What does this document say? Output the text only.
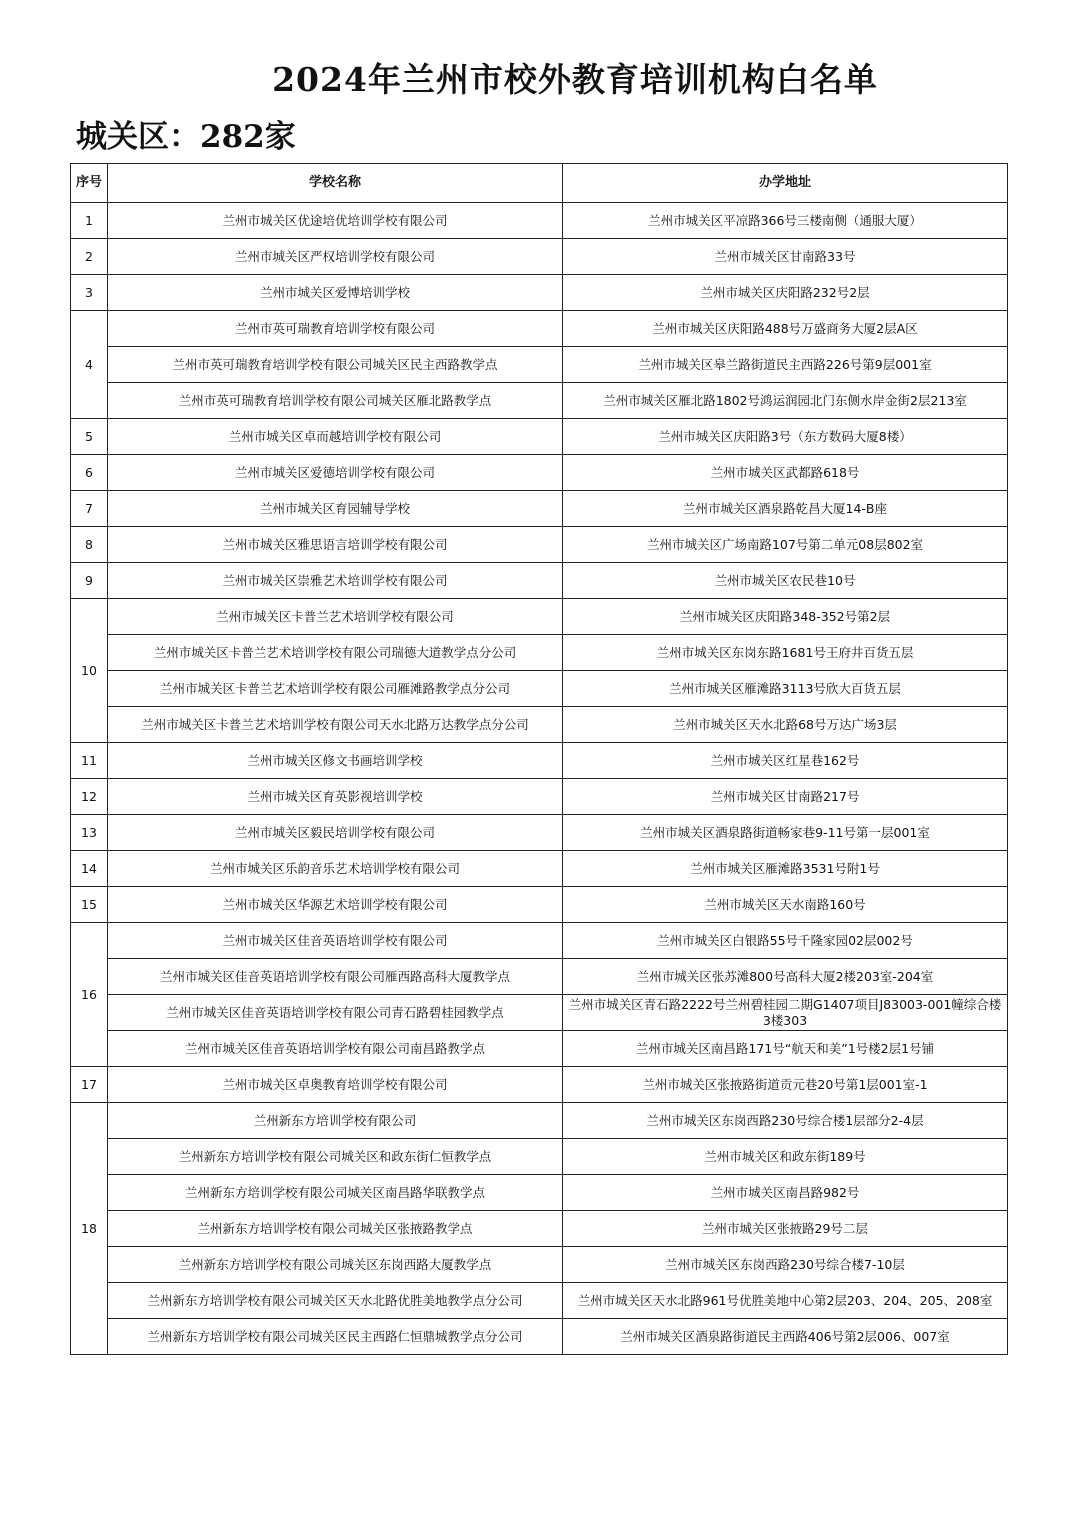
2024年兰州市校外教育培训机构白名单
城关区：282家
序号	学校名称	办学地址
1	兰州市城关区优途培优培训学校有限公司	兰州市城关区平凉路366号三楼南侧（通服大厦）
2	兰州市城关区严权培训学校有限公司	兰州市城关区甘南路33号
3	兰州市城关区爱博培训学校	兰州市城关区庆阳路232号2层
4	兰州市英可瑞教育培训学校有限公司	兰州市城关区庆阳路488号万盛商务大厦2层A区
	兰州市英可瑞教育培训学校有限公司城关区民主西路教学点	兰州市城关区皋兰路街道民主西路226号第9层001室
	兰州市英可瑞教育培训学校有限公司城关区雁北路教学点	兰州市城关区雁北路1802号鸿运润园北门东侧水岸金街2层213室
5	兰州市城关区卓而越培训学校有限公司	兰州市城关区庆阳路3号（东方数码大厦8楼）
6	兰州市城关区爱德培训学校有限公司	兰州市城关区武都路618号
7	兰州市城关区育园辅导学校	兰州市城关区酒泉路乾昌大厦14-B座
8	兰州市城关区雅思语言培训学校有限公司	兰州市城关区广场南路107号第二单元08层802室
9	兰州市城关区崇雅艺术培训学校有限公司	兰州市城关区农民巷10号
10	兰州市城关区卡普兰艺术培训学校有限公司	兰州市城关区庆阳路348-352号第2层
	兰州市城关区卡普兰艺术培训学校有限公司瑞德大道教学点分公司	兰州市城关区东岗东路1681号王府井百货五层
	兰州市城关区卡普兰艺术培训学校有限公司雁滩路教学点分公司	兰州市城关区雁滩路3113号欣大百货五层
	兰州市城关区卡普兰艺术培训学校有限公司天水北路万达教学点分公司	兰州市城关区天水北路68号万达广场3层
11	兰州市城关区修文书画培训学校	兰州市城关区红星巷162号
12	兰州市城关区育英影视培训学校	兰州市城关区甘南路217号
13	兰州市城关区毅民培训学校有限公司	兰州市城关区酒泉路街道畅家巷9-11号第一层001室
14	兰州市城关区乐韵音乐艺术培训学校有限公司	兰州市城关区雁滩路3531号附1号
15	兰州市城关区华源艺术培训学校有限公司	兰州市城关区天水南路160号
16	兰州市城关区佳音英语培训学校有限公司	兰州市城关区白银路55号千隆家园02层002号
	兰州市城关区佳音英语培训学校有限公司雁西路高科大厦教学点	兰州市城关区张苏滩800号高科大厦2楼203室-204室
	兰州市城关区佳音英语培训学校有限公司青石路碧桂园教学点	兰州市城关区青石路2222号兰州碧桂园二期G1407项目J83003-001幢综合楼3楼303
	兰州市城关区佳音英语培训学校有限公司南昌路教学点	兰州市城关区南昌路171号“航天和美”1号楼2层1号铺
17	兰州市城关区卓奥教育培训学校有限公司	兰州市城关区张掖路街道贡元巷20号第1层001室-1
18	兰州新东方培训学校有限公司	兰州市城关区东岗西路230号综合楼1层部分2-4层
	兰州新东方培训学校有限公司城关区和政东街仁恒教学点	兰州市城关区和政东街189号
	兰州新东方培训学校有限公司城关区南昌路华联教学点	兰州市城关区南昌路982号
	兰州新东方培训学校有限公司城关区张掖路教学点	兰州市城关区张掖路29号二层
	兰州新东方培训学校有限公司城关区东岗西路大厦教学点	兰州市城关区东岗西路230号综合楼7-10层
	兰州新东方培训学校有限公司城关区天水北路优胜美地教学点分公司	兰州市城关区天水北路961号优胜美地中心第2层203、204、205、208室
	兰州新东方培训学校有限公司城关区民主西路仁恒鼎城教学点分公司	兰州市城关区酒泉路街道民主西路406号第2层006、007室
